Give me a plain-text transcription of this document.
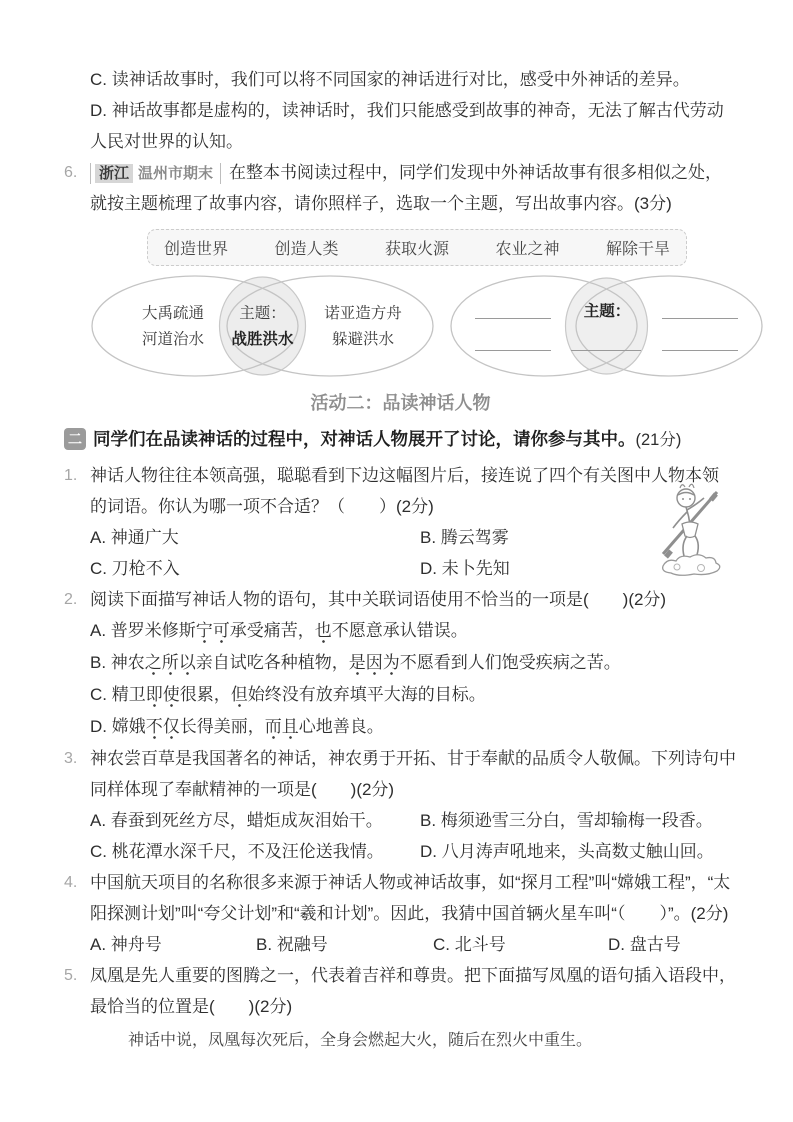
C. 读神话故事时，我们可以将不同国家的神话进行对比，感受中外神话的差异。

D. 神话故事都是虚构的，读神话时，我们只能感受到故事的神奇，无法了解古代劳动人民对世界的认知。

6.	浙江 温州市期末 在整本书阅读过程中，同学们发现中外神话故事有很多相似之处，就按主题梳理了故事内容，请你照样子，选取一个主题，写出故事内容。(3分)

创造世界	创造人类	获取火源	农业之神	解除干旱
大禹疏通
河道治水
主题：
战胜洪水
诺亚造方舟
躲避洪水
主题：
活动二：品读神话人物
二 同学们在品读神话的过程中，对神话人物展开了讨论，请你参与其中。(21分)
1. 神话人物往往本领高强，聪聪看到下边这幅图片后，接连说了四个有关图中人物本领的词语。你认为哪一项不合适？（　　）(2分)

A. 神通广大	B. 腾云驾雾
C. 刀枪不入	D. 未卜先知
2. 阅读下面描写神话人物的语句，其中关联词语使用不恰当的一项是(　　)(2分)

A. 普罗米修斯宁可承受痛苦，也不愿意承认错误。

B. 神农之所以亲自试吃各种植物，是因为不愿看到人们饱受疾病之苦。

C. 精卫即使很累，但始终没有放弃填平大海的目标。

D. 嫦娥不仅长得美丽，而且心地善良。

3. 神农尝百草是我国著名的神话，神农勇于开拓、甘于奉献的品质令人敬佩。下列诗句中同样体现了奉献精神的一项是(　　)(2分)

A. 春蚕到死丝方尽，蜡炬成灰泪始干。	B. 梅须逊雪三分白，雪却输梅一段香。
C. 桃花潭水深千尺，不及汪伦送我情。	D. 八月涛声吼地来，头高数丈触山回。
4. 中国航天项目的名称很多来源于神话人物或神话故事，如“探月工程”叫“嫦娥工程”，“太阳探测计划”叫“夸父计划”和“羲和计划”。因此，我猜中国首辆火星车叫“（　　）”。(2分)

A. 神舟号	B. 祝融号	C. 北斗号	D. 盘古号
5. 凤凰是先人重要的图腾之一，代表着吉祥和尊贵。把下面描写凤凰的语句插入语段中，最恰当的位置是(　　)(2分)

神话中说，凤凰每次死后，全身会燃起大火，随后在烈火中重生。
